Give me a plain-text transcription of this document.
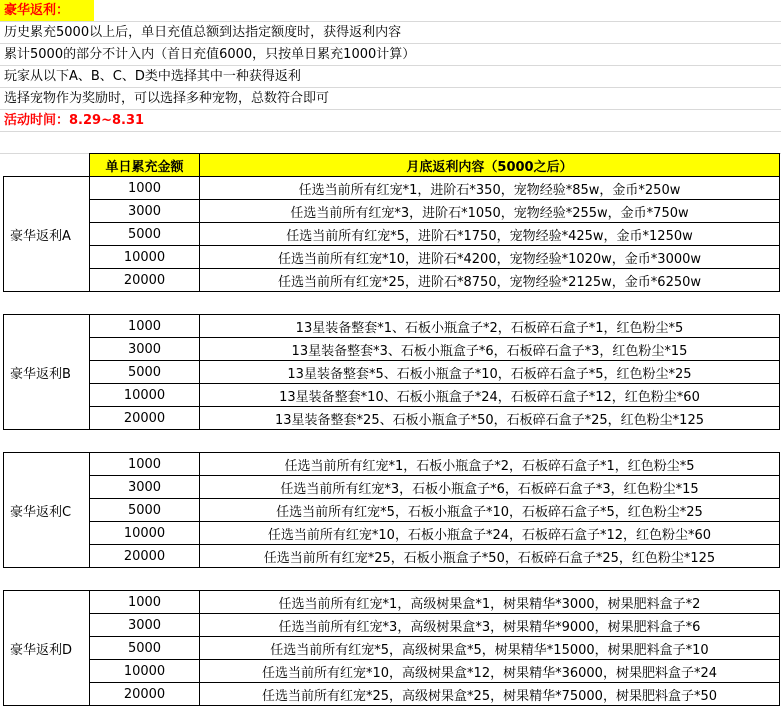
豪华返利：
历史累充5000以上后，单日充值总额到达指定额度时，获得返利内容
累计5000的部分不计入内（首日充值6000，只按单日累充1000计算）
玩家从以下A、B、C、D类中选择其中一种获得返利
选择宠物作为奖励时，可以选择多种宠物，总数符合即可
活动时间：8.29~8.31
	单日累充金额	月底返利内容（5000之后）
豪华返利A	1000	任选当前所有红宠*1，进阶石*350，宠物经验*85w，金币*250w
	3000	任选当前所有红宠*3，进阶石*1050，宠物经验*255w，金币*750w
	5000	任选当前所有红宠*5，进阶石*1750，宠物经验*425w，金币*1250w
	10000	任选当前所有红宠*10，进阶石*4200，宠物经验*1020w，金币*3000w
	20000	任选当前所有红宠*25，进阶石*8750，宠物经验*2125w，金币*6250w

豪华返利B	1000	13星装备整套*1、石板小瓶盒子*2，石板碎石盒子*1，红色粉尘*5
	3000	13星装备整套*3、石板小瓶盒子*6，石板碎石盒子*3，红色粉尘*15
	5000	13星装备整套*5、石板小瓶盒子*10，石板碎石盒子*5，红色粉尘*25
	10000	13星装备整套*10、石板小瓶盒子*24，石板碎石盒子*12，红色粉尘*60
	20000	13星装备整套*25、石板小瓶盒子*50，石板碎石盒子*25，红色粉尘*125

豪华返利C	1000	任选当前所有红宠*1，石板小瓶盒子*2，石板碎石盒子*1，红色粉尘*5
	3000	任选当前所有红宠*3，石板小瓶盒子*6，石板碎石盒子*3，红色粉尘*15
	5000	任选当前所有红宠*5，石板小瓶盒子*10，石板碎石盒子*5，红色粉尘*25
	10000	任选当前所有红宠*10，石板小瓶盒子*24，石板碎石盒子*12，红色粉尘*60
	20000	任选当前所有红宠*25，石板小瓶盒子*50，石板碎石盒子*25，红色粉尘*125

豪华返利D	1000	任选当前所有红宠*1，高级树果盒*1，树果精华*3000，树果肥料盒子*2
	3000	任选当前所有红宠*3，高级树果盒*3，树果精华*9000，树果肥料盒子*6
	5000	任选当前所有红宠*5，高级树果盒*5，树果精华*15000，树果肥料盒子*10
	10000	任选当前所有红宠*10，高级树果盒*12，树果精华*36000，树果肥料盒子*24
	20000	任选当前所有红宠*25，高级树果盒*25，树果精华*75000，树果肥料盒子*50
